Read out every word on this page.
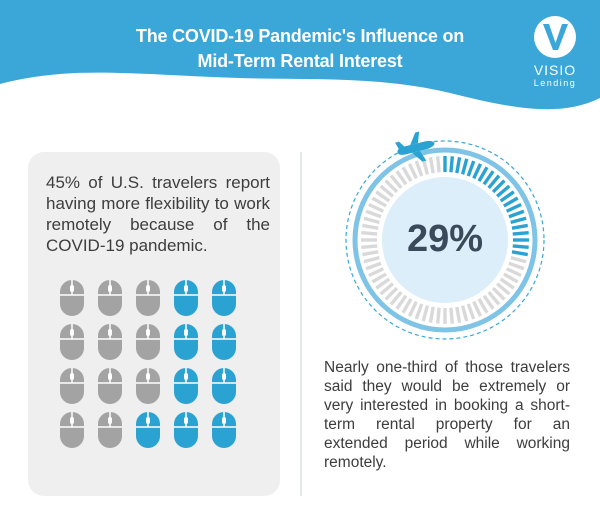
The COVID-19 Pandemic's Influence on
Mid-Term Rental Interest	VISIO
Lending
45% of U.S. travelers report having more flexibility to work remotely because of the COVID-19 pandemic.	29%
Nearly one-third of those travelers said they would be extremely or very interested in booking a short-term rental property for an extended period while working remotely.
